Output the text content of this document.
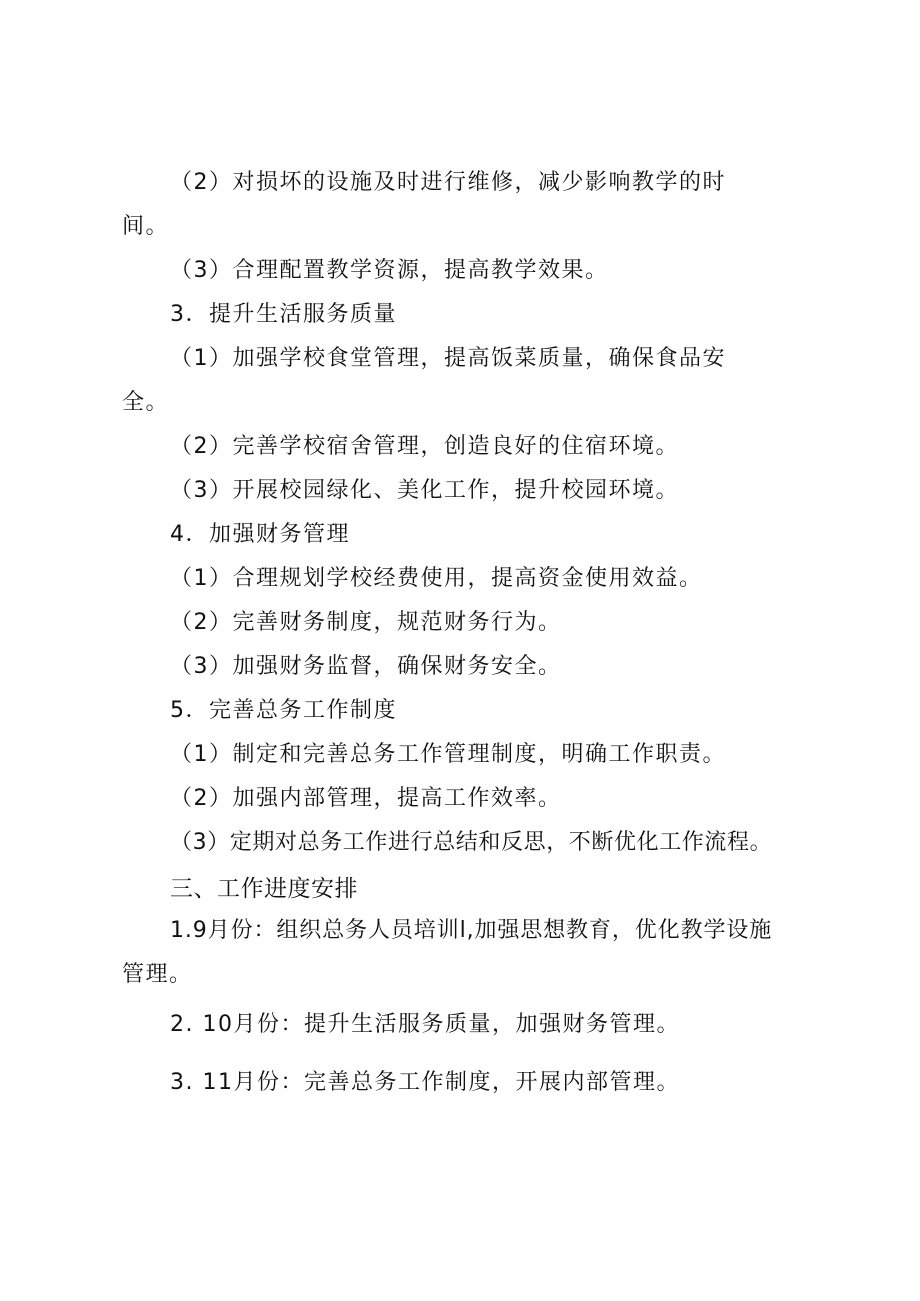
（2）对损坏的设施及时进行维修，减少影响教学的时
间。
（3）合理配置教学资源，提高教学效果。
3．提升生活服务质量
（1）加强学校食堂管理，提高饭菜质量，确保食品安
全。
（2）完善学校宿舍管理，创造良好的住宿环境。
（3）开展校园绿化、美化工作，提升校园环境。
4．加强财务管理
（1）合理规划学校经费使用，提高资金使用效益。
（2）完善财务制度，规范财务行为。
（3）加强财务监督，确保财务安全。
5．完善总务工作制度
（1）制定和完善总务工作管理制度，明确工作职责。
（2）加强内部管理，提高工作效率。
（3）定期对总务工作进行总结和反思，不断优化工作流程。
三、工作进度安排
1.9月份：组织总务人员培训l,加强思想教育，优化教学设施
管理。
2. 10月份：提升生活服务质量，加强财务管理。
3. 11月份：完善总务工作制度，开展内部管理。
